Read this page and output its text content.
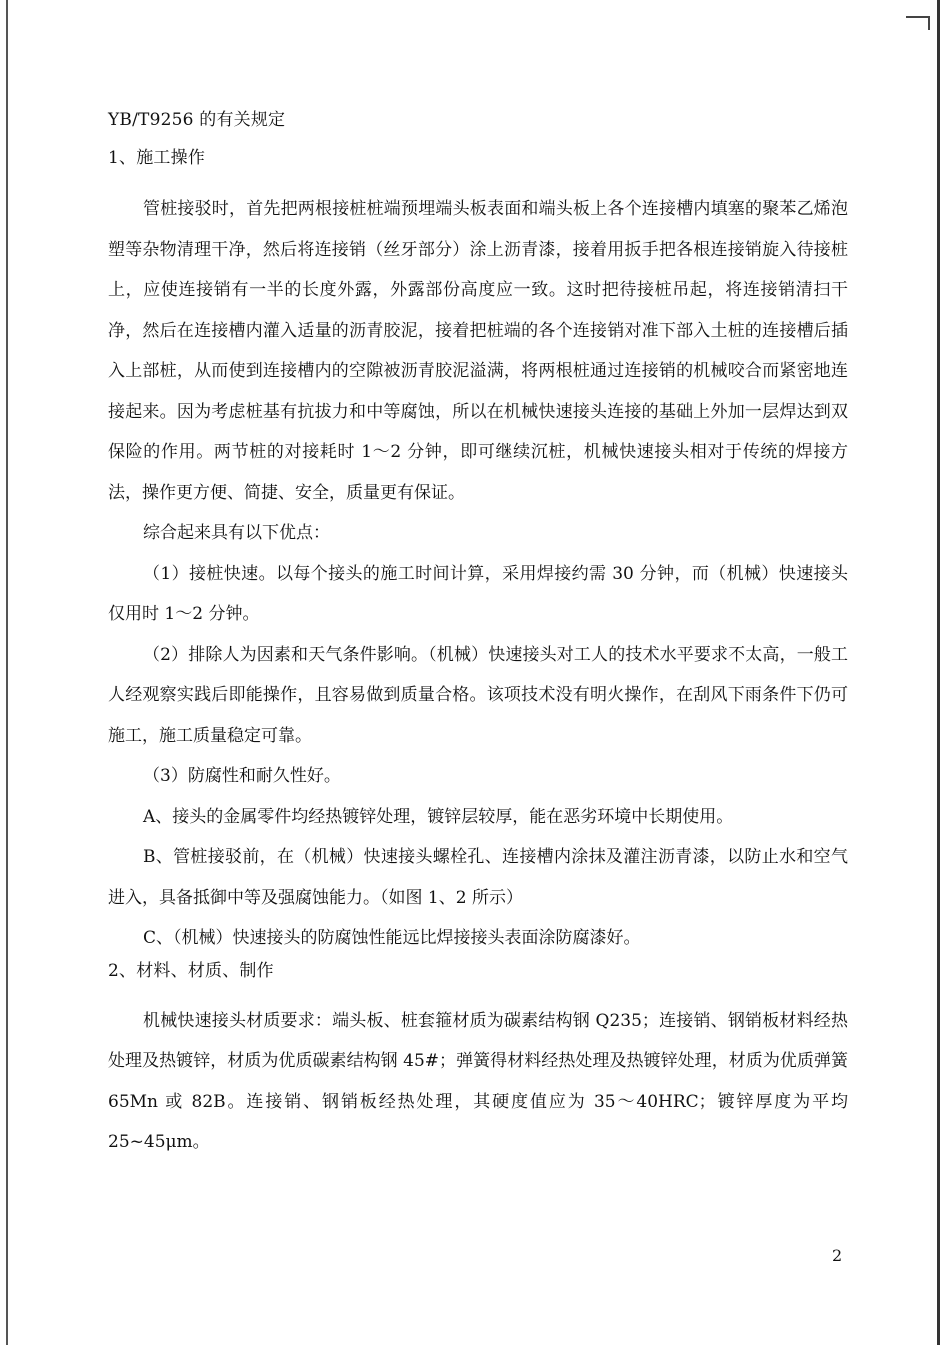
YB/T9256 的有关规定
1、施工操作

管桩接驳时，首先把两根接桩桩端预埋端头板表面和端头板上各个连接槽内填塞的聚苯乙烯泡塑等杂物清理干净，然后将连接销（丝牙部分）涂上沥青漆，接着用扳手把各根连接销旋入待接桩上，应使连接销有一半的长度外露，外露部份高度应一致。这时把待接桩吊起，将连接销清扫干净，然后在连接槽内灌入适量的沥青胶泥，接着把桩端的各个连接销对准下部入土桩的连接槽后插入上部桩，从而使到连接槽内的空隙被沥青胶泥溢满，将两根桩通过连接销的机械咬合而紧密地连接起来。因为考虑桩基有抗拔力和中等腐蚀，所以在机械快速接头连接的基础上外加一层焊达到双保险的作用。两节桩的对接耗时 1～2 分钟，即可继续沉桩，机械快速接头相对于传统的焊接方法，操作更方便、简捷、安全，质量更有保证。

综合起来具有以下优点：

（1）接桩快速。以每个接头的施工时间计算，采用焊接约需 30 分钟，而（机械）快速接头仅用时 1～2 分钟。

（2）排除人为因素和天气条件影响。（机械）快速接头对工人的技术水平要求不太高，一般工人经观察实践后即能操作，且容易做到质量合格。该项技术没有明火操作，在刮风下雨条件下仍可施工，施工质量稳定可靠。

（3）防腐性和耐久性好。

A、接头的金属零件均经热镀锌处理，镀锌层较厚，能在恶劣环境中长期使用。

B、管桩接驳前，在（机械）快速接头螺栓孔、连接槽内涂抹及灌注沥青漆，以防止水和空气进入，具备抵御中等及强腐蚀能力。（如图 1、2 所示）

C、（机械）快速接头的防腐蚀性能远比焊接接头表面涂防腐漆好。

2、材料、材质、制作

机械快速接头材质要求：端头板、桩套箍材质为碳素结构钢 Q235；连接销、钢销板材料经热处理及热镀锌，材质为优质碳素结构钢 45#；弹簧得材料经热处理及热镀锌处理，材质为优质弹簧 65Mn 或 82B。连接销、钢销板经热处理，其硬度值应为 35～40HRC；镀锌厚度为平均 25~45μm。

2
